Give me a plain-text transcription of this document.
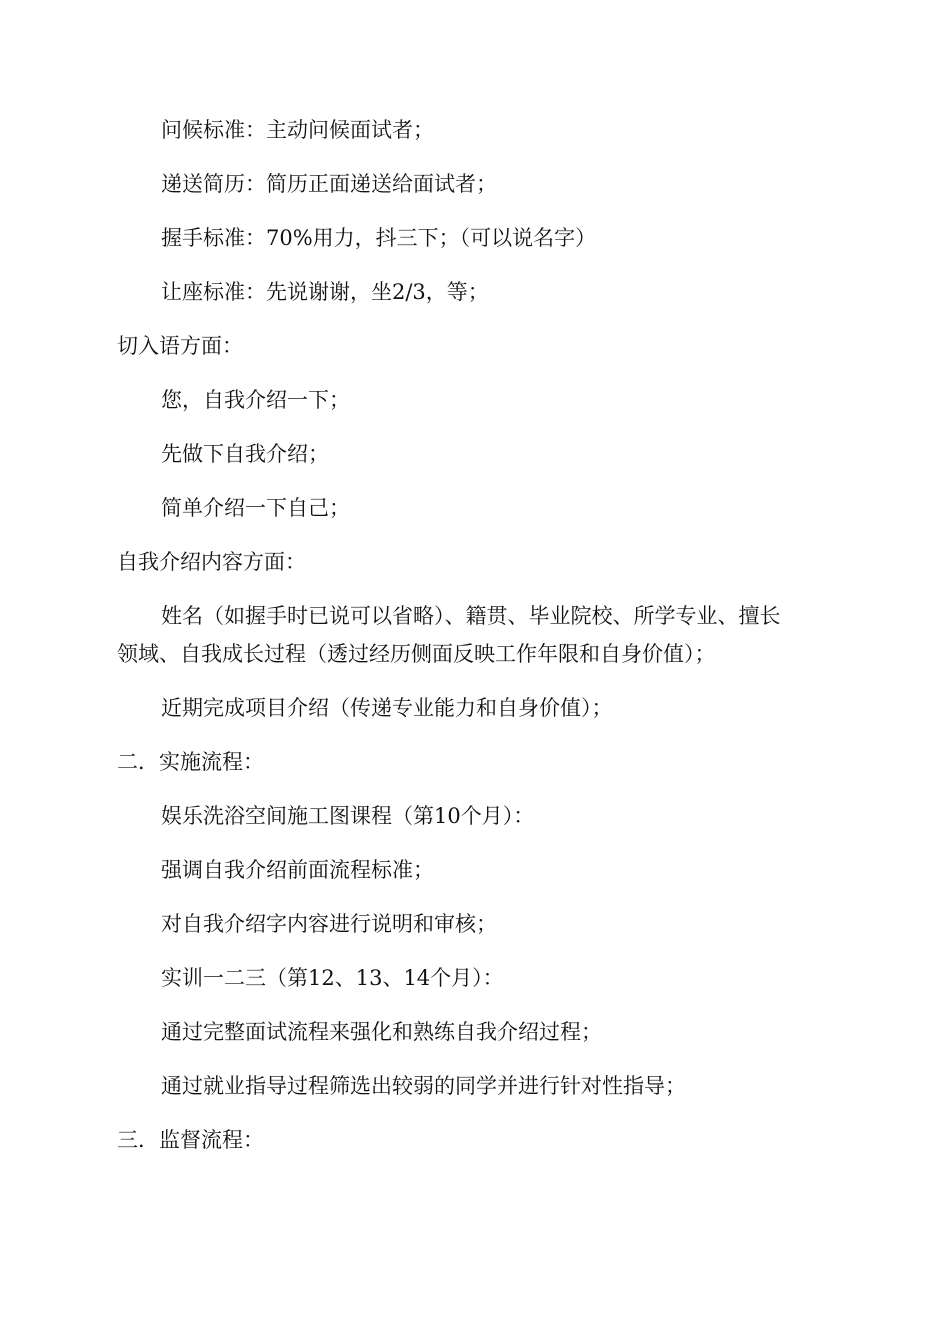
问候标准：主动问候面试者；
递送简历：简历正面递送给面试者；
握手标准：70%用力，抖三下；（可以说名字）
让座标准：先说谢谢，坐2/3，等；
切入语方面：
您，自我介绍一下；
先做下自我介绍；
简单介绍一下自己；
自我介绍内容方面：
姓名（如握手时已说可以省略）、籍贯、毕业院校、所学专业、擅长
领域、自我成长过程（透过经历侧面反映工作年限和自身价值）；
近期完成项目介绍（传递专业能力和自身价值）；
二．实施流程：
娱乐洗浴空间施工图课程（第10个月）：
强调自我介绍前面流程标准；
对自我介绍字内容进行说明和审核；
实训一二三（第12、13、14个月）：
通过完整面试流程来强化和熟练自我介绍过程；
通过就业指导过程筛选出较弱的同学并进行针对性指导；
三．监督流程：
